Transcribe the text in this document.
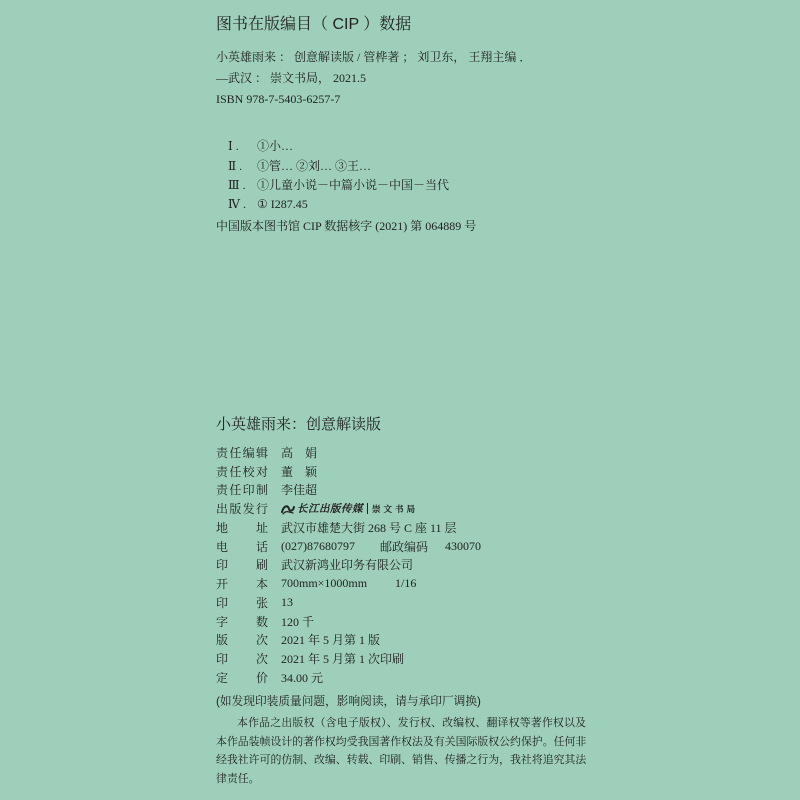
图书在版编目（ CIP ）数据
小英雄雨来 ： 创意解读版 / 管桦著 ； 刘卫东， 王翔主编 ．
—武汉 ： 崇文书局， 2021.5
ISBN 978-7-5403-6257-7

Ⅰ . ①小…

Ⅱ . ①管… ②刘… ③王…

Ⅲ . ①儿童小说－中篇小说－中国－当代

Ⅳ . ① I287.45

中国版本图书馆 CIP 数据核字 (2021) 第 064889 号
小英雄雨来：创意解读版
责任编辑 高　娟
责任校对 董　颖
责任印制 李佳超
出版发行	长江出版传媒 崇文书局
地址 武汉市雄楚大街 268 号 C 座 11 层
电话 (027)87680797	邮政编码	430070
印刷 武汉新鸿业印务有限公司
开本 700mm×1000mm	1/16
印张 13
字数 120 千
版次 2021 年 5 月第 1 版
印次 2021 年 5 月第 1 次印刷
定价 34.00 元
(如发现印装质量问题，影响阅读，请与承印厂调换)
本作品之出版权（含电子版权）、发行权、改编权、翻译权等著作权以及
本作品装帧设计的著作权均受我国著作权法及有关国际版权公约保护。任何非
经我社许可的仿制、改编、转载、印刷、销售、传播之行为，我社将追究其法
律责任。
